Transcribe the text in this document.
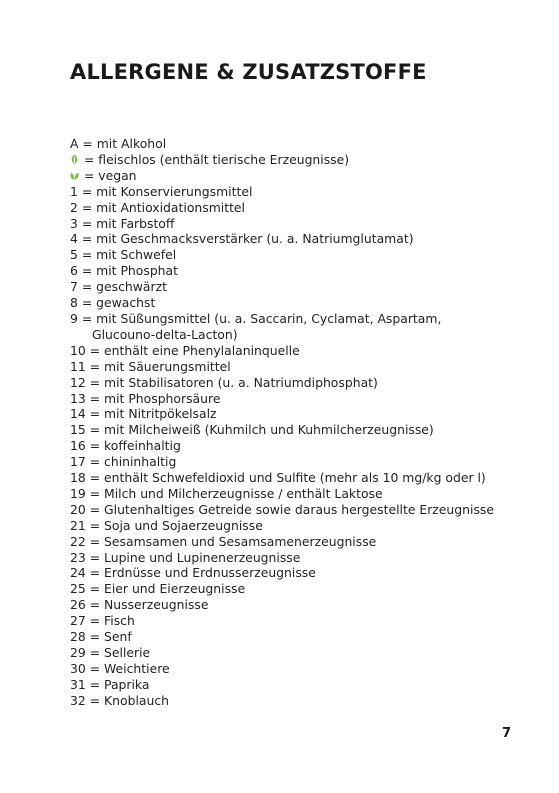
ALLERGENE & ZUSATZSTOFFE
A = mit Alkohol
= fleischlos (enthält tierische Erzeugnisse)
= vegan
1 = mit Konservierungsmittel
2 = mit Antioxidationsmittel
3 = mit Farbstoff
4 = mit Geschmacksverstärker (u. a. Natriumglutamat)
5 = mit Schwefel
6 = mit Phosphat
7 = geschwärzt
8 = gewachst
9 = mit Süßungsmittel (u. a. Saccarin, Cyclamat, Aspartam,
Glucouno-delta-Lacton)
10 = enthält eine Phenylalaninquelle
11 = mit Säuerungsmittel
12 = mit Stabilisatoren (u. a. Natriumdiphosphat)
13 = mit Phosphorsäure
14 = mit Nitritpökelsalz
15 = mit Milcheiweiß (Kuhmilch und Kuhmilcherzeugnisse)
16 = koffeinhaltig
17 = chininhaltig
18 = enthält Schwefeldioxid und Sulfite (mehr als 10 mg/kg oder l)
19 = Milch und Milcherzeugnisse / enthält Laktose
20 = Glutenhaltiges Getreide sowie daraus hergestellte Erzeugnisse
21 = Soja und Sojaerzeugnisse
22 = Sesamsamen und Sesamsamenerzeugnisse
23 = Lupine und Lupinenerzeugnisse
24 = Erdnüsse und Erdnusserzeugnisse
25 = Eier und Eierzeugnisse
26 = Nusserzeugnisse
27 = Fisch
28 = Senf
29 = Sellerie
30 = Weichtiere
31 = Paprika
32 = Knoblauch
7
